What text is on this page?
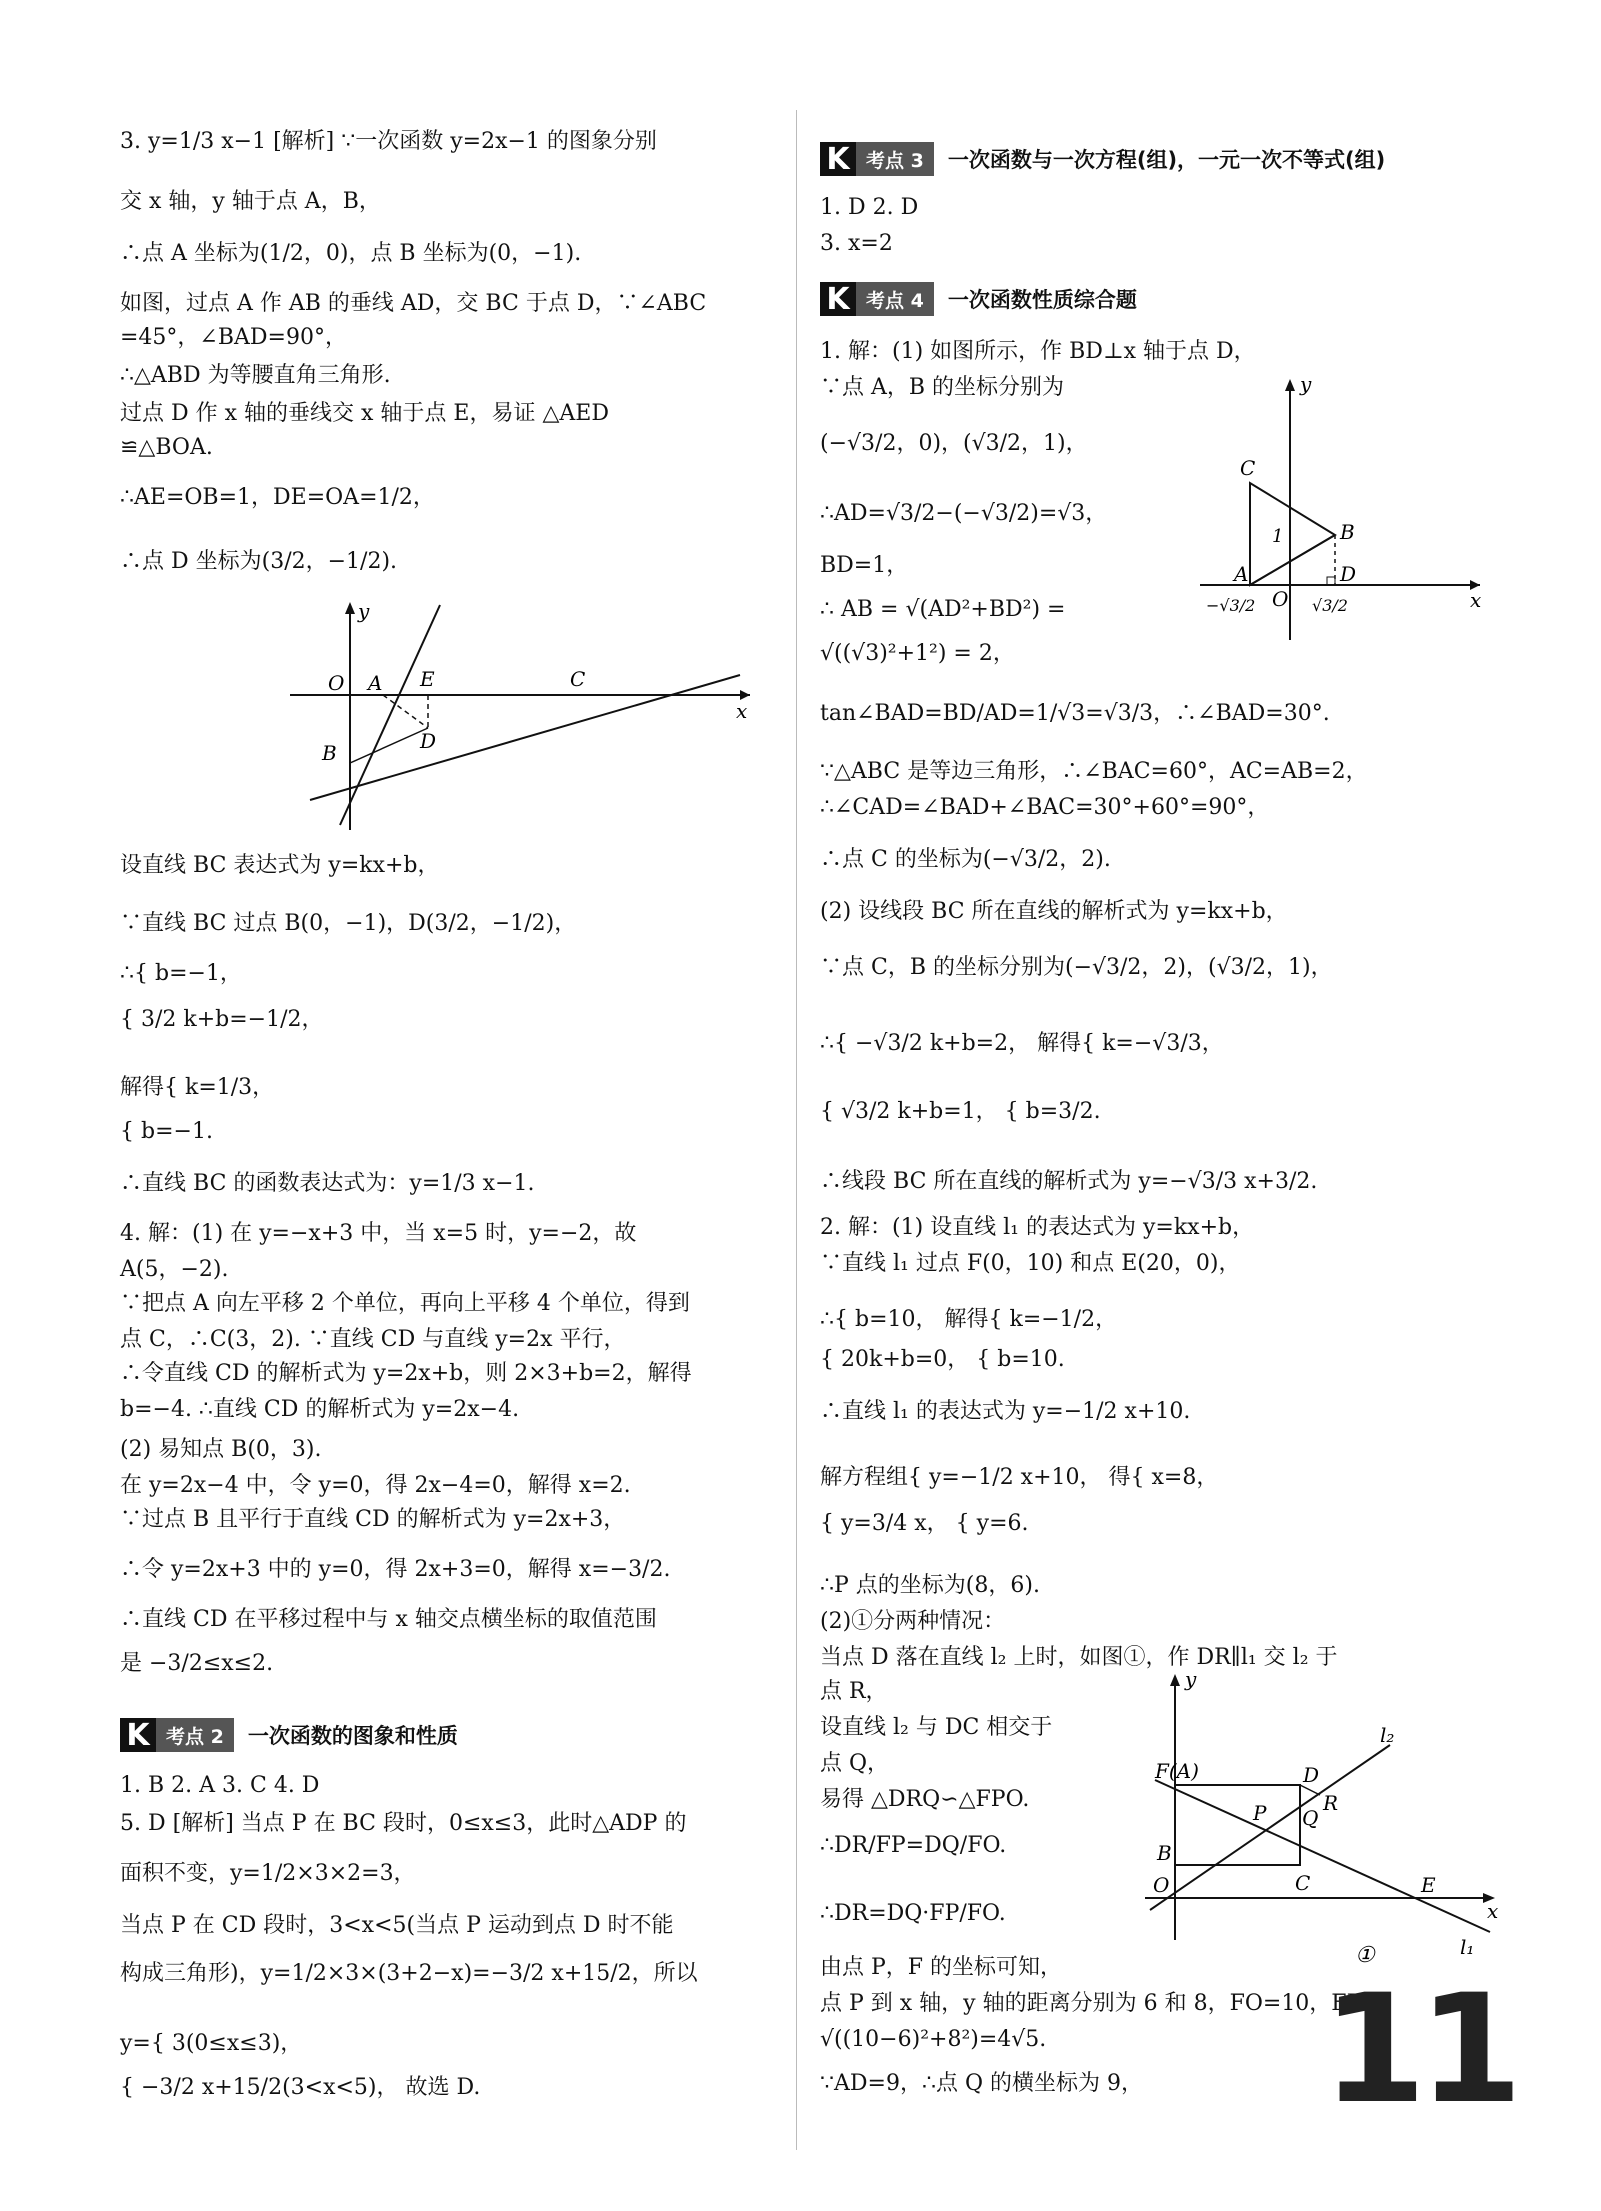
3. y=1/3 x−1 [解析] ∵一次函数 y=2x−1 的图象分别
交 x 轴，y 轴于点 A，B，
∴点 A 坐标为(1/2，0)，点 B 坐标为(0，−1).
如图，过点 A 作 AB 的垂线 AD，交 BC 于点 D，∵∠ABC
=45°，∠BAD=90°，
∴△ABD 为等腰直角三角形.
过点 D 作 x 轴的垂线交 x 轴于点 E，易证 △AED
≌△BOA.
∴AE=OB=1，DE=OA=1/2，
∴点 D 坐标为(3/2，−1/2).
y
O A E	C
x
D
B
设直线 BC 表达式为 y=kx+b，
∵直线 BC 过点 B(0，−1)，D(3/2，−1/2)，
∴{ b=−1，
{ 3/2 k+b=−1/2，
解得{ k=1/3，
{ b=−1.
∴直线 BC 的函数表达式为：y=1/3 x−1.
4. 解：(1) 在 y=−x+3 中，当 x=5 时，y=−2，故
A(5，−2).
∵把点 A 向左平移 2 个单位，再向上平移 4 个单位，得到
点 C，∴C(3，2). ∵直线 CD 与直线 y=2x 平行，
∴令直线 CD 的解析式为 y=2x+b，则 2×3+b=2，解得
b=−4. ∴直线 CD 的解析式为 y=2x−4.
(2) 易知点 B(0，3).
在 y=2x−4 中，令 y=0，得 2x−4=0，解得 x=2.
∵过点 B 且平行于直线 CD 的解析式为 y=2x+3，
∴令 y=2x+3 中的 y=0，得 2x+3=0，解得 x=−3/2.
∴直线 CD 在平移过程中与 x 轴交点横坐标的取值范围
是 −3/2≤x≤2.
K 考点 2	一次函数的图象和性质
1. B 2. A 3. C 4. D
5. D [解析] 当点 P 在 BC 段时，0≤x≤3，此时△ADP 的
面积不变，y=1/2×3×2=3，
当点 P 在 CD 段时，3<x<5(当点 P 运动到点 D 时不能
构成三角形)，y=1/2×3×(3+2−x)=−3/2 x+15/2，所以
y={ 3(0≤x≤3)，
{ −3/2 x+15/2(3<x<5)， 故选 D.
K 考点 3	一次函数与一次方程(组)，一元一次不等式(组)
1. D 2. D
3. x=2
K 考点 4	一次函数性质综合题
1. 解：(1) 如图所示，作 BD⊥x 轴于点 D，
∵点 A，B 的坐标分别为
(−√3/2，0)，(√3/2，1)，
∴AD=√3/2−(−√3/2)=√3，
BD=1，
∴ AB = √(AD²+BD²) =
√((√3)²+1²) = 2，
tan∠BAD=BD/AD=1/√3=√3/3，∴∠BAD=30°.
∵△ABC 是等边三角形，∴∠BAC=60°，AC=AB=2，
∴∠CAD=∠BAD+∠BAC=30°+60°=90°，
∴点 C 的坐标为(−√3/2，2).
(2) 设线段 BC 所在直线的解析式为 y=kx+b，
∵点 C，B 的坐标分别为(−√3/2，2)，(√3/2，1)，
∴{ −√3/2 k+b=2， 解得{ k=−√3/3，
{ √3/2 k+b=1， { b=3/2.
∴线段 BC 所在直线的解析式为 y=−√3/3 x+3/2.
2. 解：(1) 设直线 l₁ 的表达式为 y=kx+b，
∵直线 l₁ 过点 F(0，10) 和点 E(20，0)，
∴{ b=10， 解得{ k=−1/2，
{ 20k+b=0， { b=10.
∴直线 l₁ 的表达式为 y=−1/2 x+10.
解方程组{ y=−1/2 x+10， 得{ x=8，
{ y=3/4 x， { y=6.
∴P 点的坐标为(8，6).
(2)①分两种情况：
当点 D 落在直线 l₂ 上时，如图①，作 DR∥l₁ 交 l₂ 于
点 R，
设直线 l₂ 与 DC 相交于
点 Q，
易得 △DRQ∽△FPO.
∴DR/FP=DQ/FO.
∴DR=DQ·FP/FO.
由点 P，F 的坐标可知，
点 P 到 x 轴，y 轴的距离分别为 6 和 8，FO=10，FP=
√((10−6)²+8²)=4√5.
∵AD=9，∴点 Q 的横坐标为 9，
y
C
1	B
A
O
D
x
−√3/2	√3/2
y
F(A)	D
l₂
R
P Q
B
C
O	E
x
l₁
①
11
